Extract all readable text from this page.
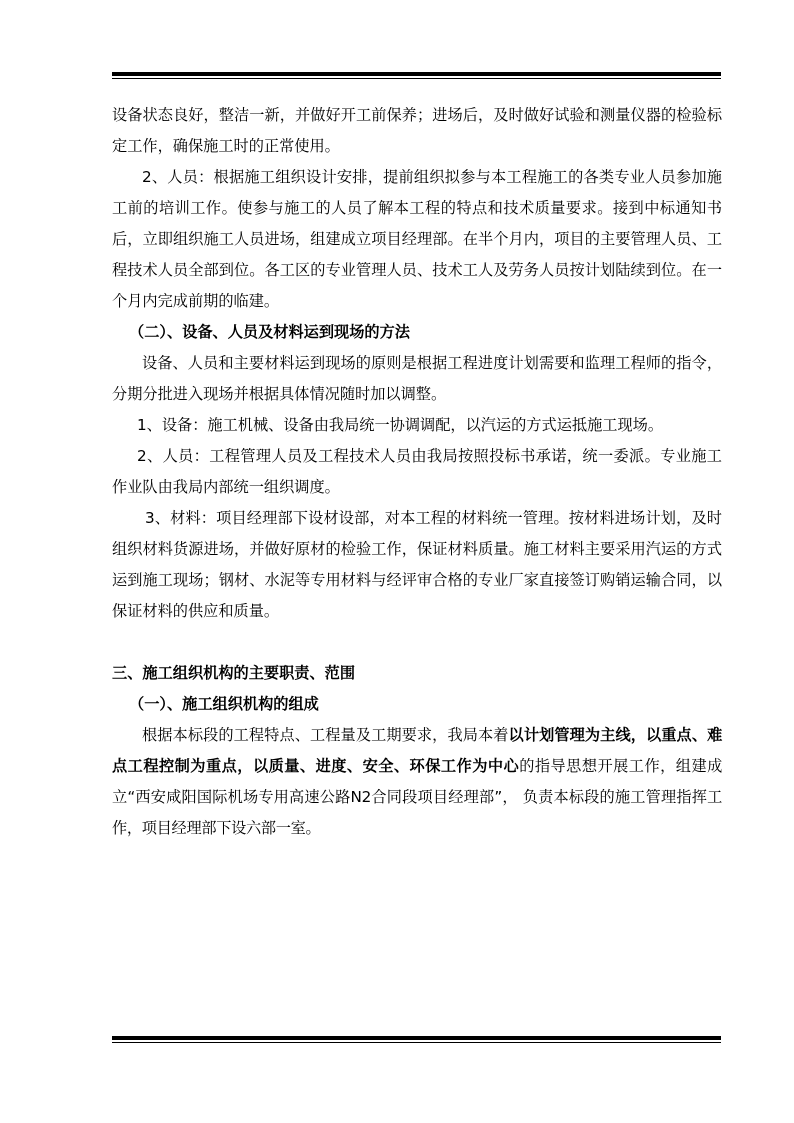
设备状态良好，整洁一新，并做好开工前保养；进场后，及时做好试验和测量仪器的检验标定工作，确保施工时的正常使用。

2、人员：根据施工组织设计安排，提前组织拟参与本工程施工的各类专业人员参加施工前的培训工作。使参与施工的人员了解本工程的特点和技术质量要求。接到中标通知书后，立即组织施工人员进场，组建成立项目经理部。在半个月内，项目的主要管理人员、工程技术人员全部到位。各工区的专业管理人员、技术工人及劳务人员按计划陆续到位。在一个月内完成前期的临建。

（二）、设备、人员及材料运到现场的方法

设备、人员和主要材料运到现场的原则是根据工程进度计划需要和监理工程师的指令，分期分批进入现场并根据具体情况随时加以调整。

1、设备：施工机械、设备由我局统一协调调配，以汽运的方式运抵施工现场。

2、人员：工程管理人员及工程技术人员由我局按照投标书承诺，统一委派。专业施工作业队由我局内部统一组织调度。

3、材料：项目经理部下设材设部，对本工程的材料统一管理。按材料进场计划，及时组织材料货源进场，并做好原材的检验工作，保证材料质量。施工材料主要采用汽运的方式运到施工现场；钢材、水泥等专用材料与经评审合格的专业厂家直接签订购销运输合同，以保证材料的供应和质量。

三、施工组织机构的主要职责、范围

（一）、施工组织机构的组成

根据本标段的工程特点、工程量及工期要求，我局本着以计划管理为主线，以重点、难点工程控制为重点，以质量、进度、安全、环保工作为中心的指导思想开展工作，组建成立“西安咸阳国际机场专用高速公路N2合同段项目经理部”， 负责本标段的施工管理指挥工作，项目经理部下设六部一室。
